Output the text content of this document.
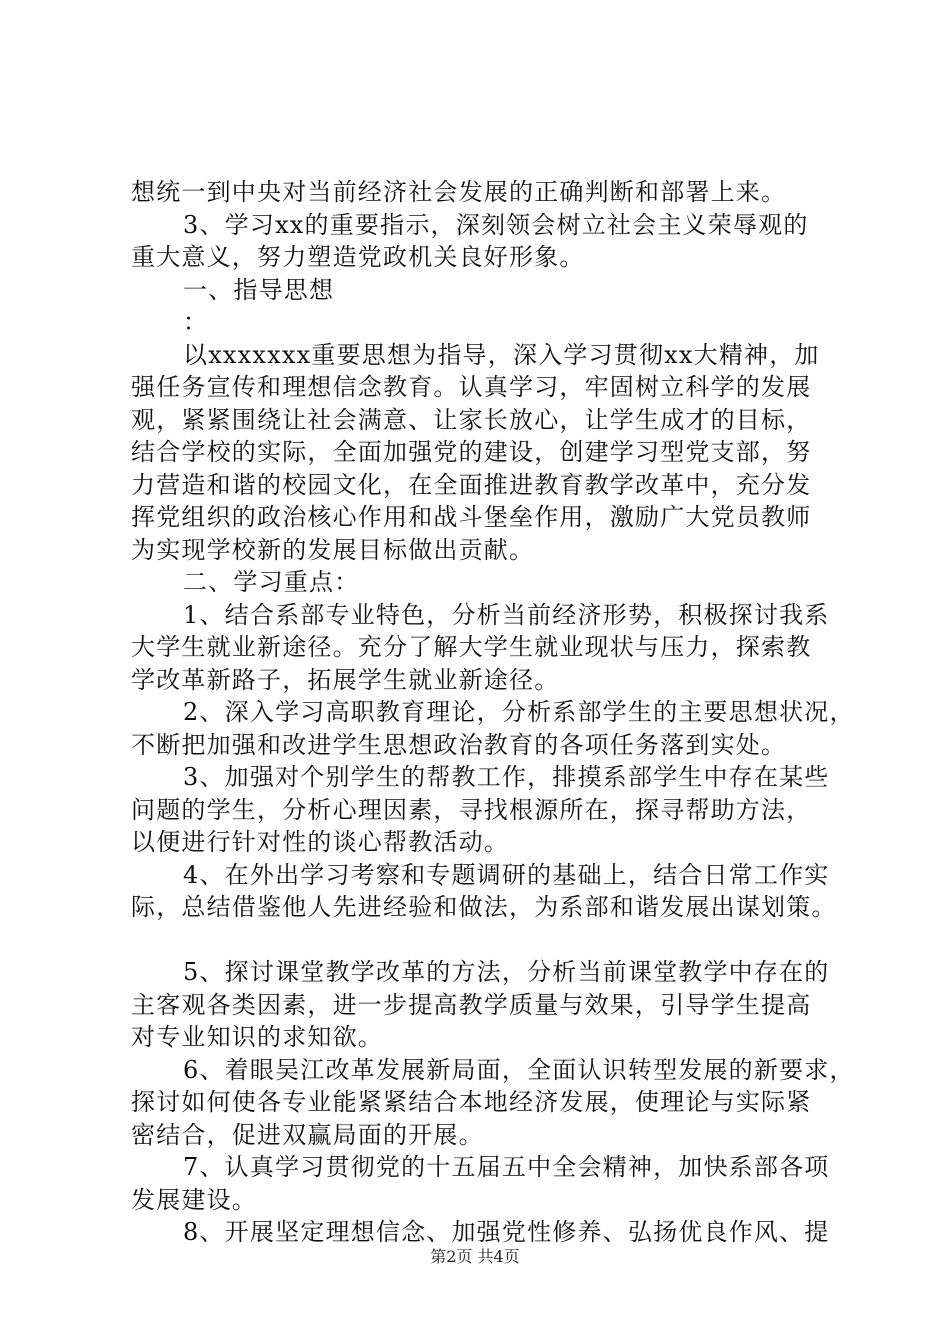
想统一到中央对当前经济社会发展的正确判断和部署上来。
3、学习xx的重要指示，深刻领会树立社会主义荣辱观的
重大意义，努力塑造党政机关良好形象。
一、指导思想
：
以xxxxxxx重要思想为指导，深入学习贯彻xx大精神，加
强任务宣传和理想信念教育。认真学习，牢固树立科学的发展
观，紧紧围绕让社会满意、让家长放心，让学生成才的目标，
结合学校的实际，全面加强党的建设，创建学习型党支部，努
力营造和谐的校园文化，在全面推进教育教学改革中，充分发
挥党组织的政治核心作用和战斗堡垒作用，激励广大党员教师
为实现学校新的发展目标做出贡献。
二、学习重点：
1、结合系部专业特色，分析当前经济形势，积极探讨我系
大学生就业新途径。充分了解大学生就业现状与压力，探索教
学改革新路子，拓展学生就业新途径。
2、深入学习高职教育理论，分析系部学生的主要思想状况，
不断把加强和改进学生思想政治教育的各项任务落到实处。
3、加强对个别学生的帮教工作，排摸系部学生中存在某些
问题的学生，分析心理因素，寻找根源所在，探寻帮助方法，
以便进行针对性的谈心帮教活动。
4、在外出学习考察和专题调研的基础上，结合日常工作实
际，总结借鉴他人先进经验和做法，为系部和谐发展出谋划策。
5、探讨课堂教学改革的方法，分析当前课堂教学中存在的
主客观各类因素，进一步提高教学质量与效果，引导学生提高
对专业知识的求知欲。
6、着眼吴江改革发展新局面，全面认识转型发展的新要求，
探讨如何使各专业能紧紧结合本地经济发展，使理论与实际紧
密结合，促进双赢局面的开展。
7、认真学习贯彻党的十五届五中全会精神，加快系部各项
发展建设。
8、开展坚定理想信念、加强党性修养、弘扬优良作风、提
第2页 共4页
